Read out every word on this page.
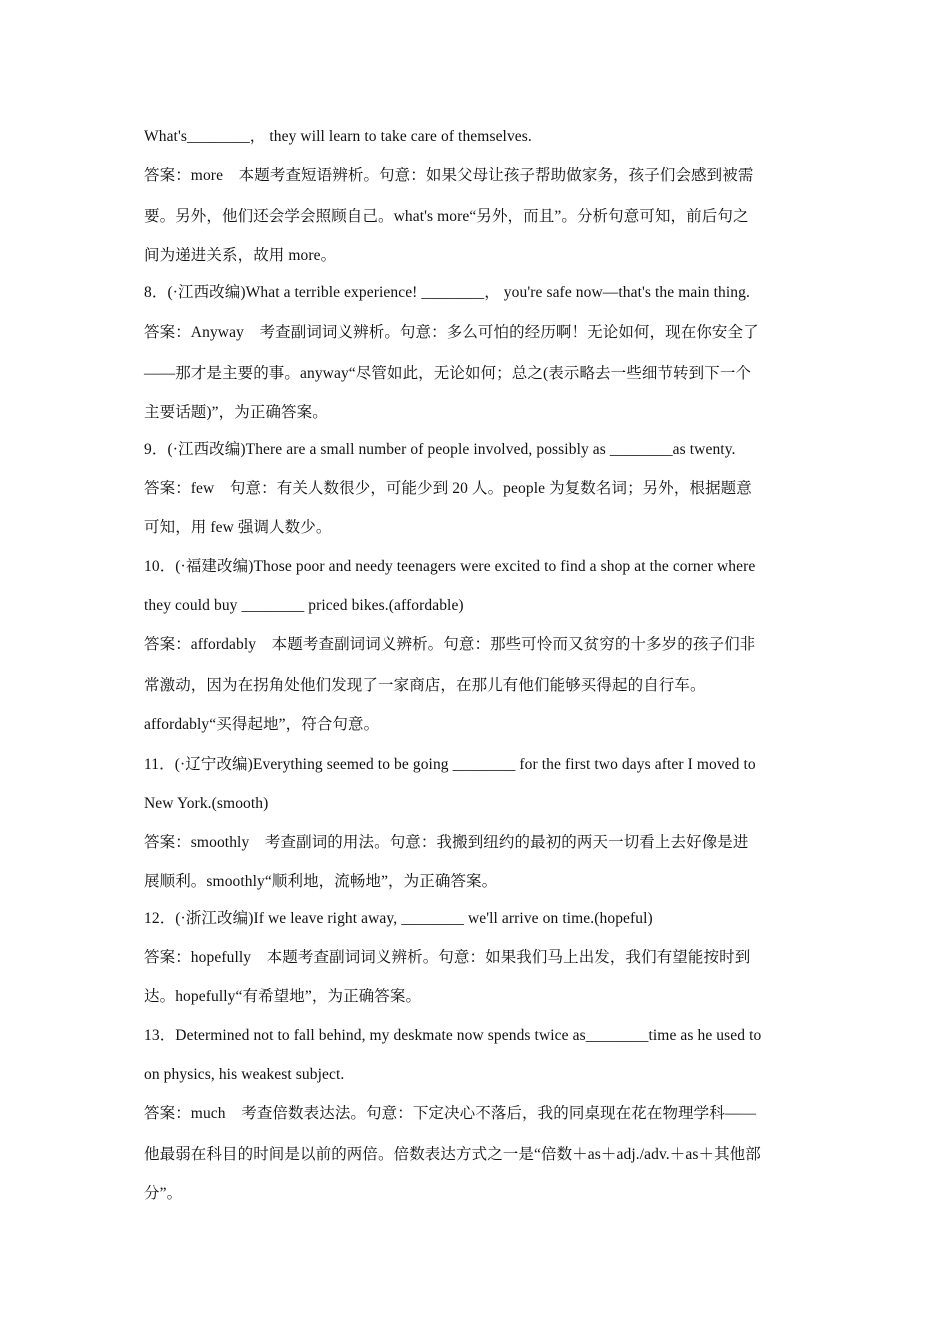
What's________， they will learn to take care of themselves.

答案：more　本题考查短语辨析。句意：如果父母让孩子帮助做家务，孩子们会感到被需

要。另外，他们还会学会照顾自己。what's more“另外，而且”。分析句意可知，前后句之

间为递进关系，故用 more。

8．(·江西改编)What a terrible experience! ________， you're safe now—that's the main thing.

答案：Anyway　考查副词词义辨析。句意：多么可怕的经历啊！无论如何，现在你安全了

——那才是主要的事。anyway“尽管如此，无论如何；总之(表示略去一些细节转到下一个

主要话题)”，为正确答案。

9．(·江西改编)There are a small number of people involved, possibly as ________as twenty.

答案：few　句意：有关人数很少，可能少到 20 人。people 为复数名词；另外，根据题意

可知，用 few 强调人数少。

10．(·福建改编)Those poor and needy teenagers were excited to find a shop at the corner where

they could buy ________ priced bikes.(affordable)

答案：affordably　本题考查副词词义辨析。句意：那些可怜而又贫穷的十多岁的孩子们非

常激动，因为在拐角处他们发现了一家商店，在那儿有他们能够买得起的自行车。

affordably“买得起地”，符合句意。

11．(·辽宁改编)Everything seemed to be going ________ for the first two days after I moved to

New York.(smooth)

答案：smoothly　考查副词的用法。句意：我搬到纽约的最初的两天一切看上去好像是进

展顺利。smoothly“顺利地，流畅地”，为正确答案。

12．(·浙江改编)If we leave right away, ________ we'll arrive on time.(hopeful)

答案：hopefully　本题考查副词词义辨析。句意：如果我们马上出发，我们有望能按时到

达。hopefully“有希望地”，为正确答案。

13．Determined not to fall behind, my deskmate now spends twice as________time as he used to

on physics, his weakest subject.

答案：much　考查倍数表达法。句意：下定决心不落后，我的同桌现在花在物理学科——

他最弱在科目的时间是以前的两倍。倍数表达方式之一是“倍数＋as＋adj./adv.＋as＋其他部

分”。
